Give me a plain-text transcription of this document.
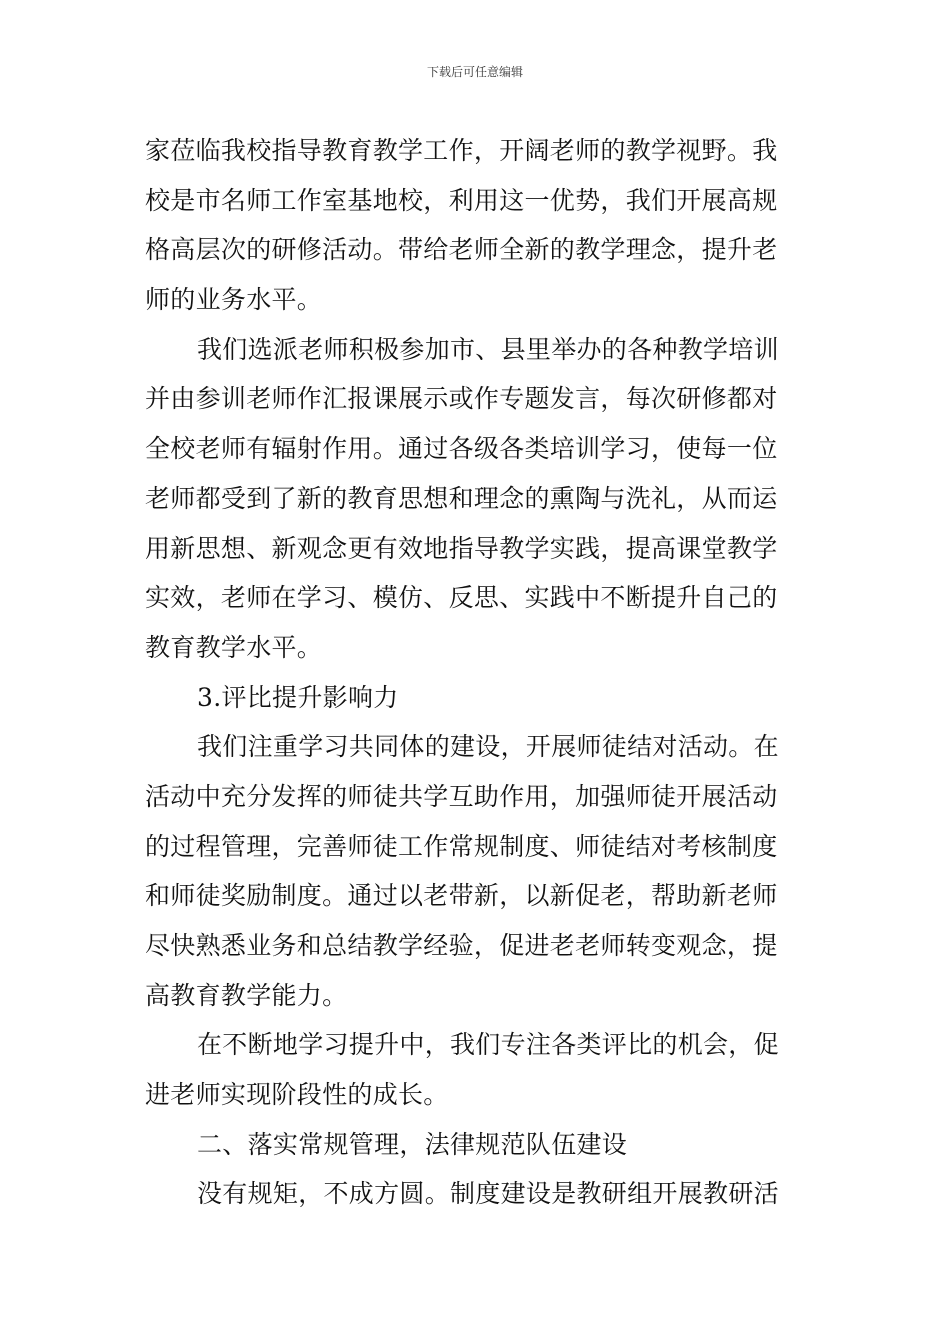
下载后可任意编辑
家莅临我校指导教育教学工作，开阔老师的教学视野。我
校是市名师工作室基地校，利用这一优势，我们开展高规
格高层次的研修活动。带给老师全新的教学理念，提升老
师的业务水平。
我们选派老师积极参加市、县里举办的各种教学培训
并由参训老师作汇报课展示或作专题发言，每次研修都对
全校老师有辐射作用。通过各级各类培训学习，使每一位
老师都受到了新的教育思想和理念的熏陶与洗礼，从而运
用新思想、新观念更有效地指导教学实践，提高课堂教学
实效，老师在学习、模仿、反思、实践中不断提升自己的
教育教学水平。
3.评比提升影响力
我们注重学习共同体的建设，开展师徒结对活动。在
活动中充分发挥的师徒共学互助作用，加强师徒开展活动
的过程管理，完善师徒工作常规制度、师徒结对考核制度
和师徒奖励制度。通过以老带新，以新促老，帮助新老师
尽快熟悉业务和总结教学经验，促进老老师转变观念，提
高教育教学能力。
在不断地学习提升中，我们专注各类评比的机会，促
进老师实现阶段性的成长。
二、落实常规管理，法律规范队伍建设
没有规矩，不成方圆。制度建设是教研组开展教研活
